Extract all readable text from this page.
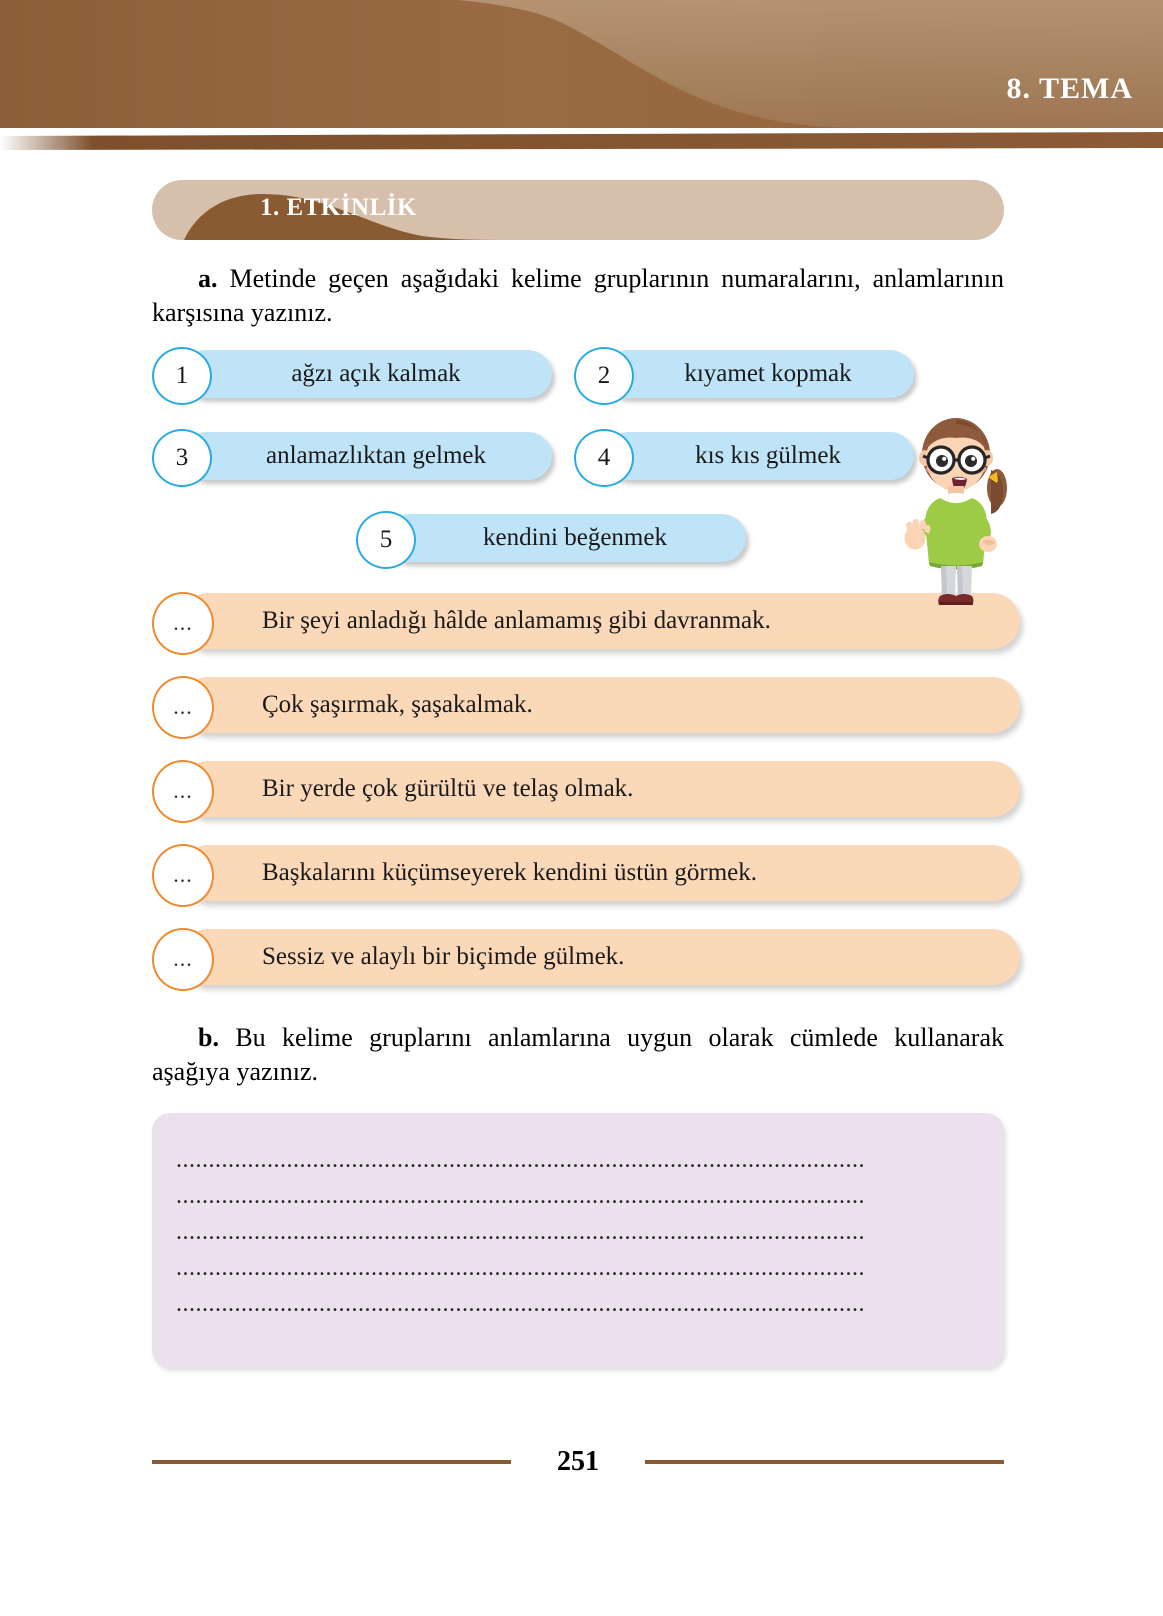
8. TEMA
1. ETKİNLİK
a. Metinde geçen aşağıdaki kelime gruplarının numaralarını, anlamlarının karşısına yazınız.
ağzı açık kalmak
1
	kıyamet kopmak
2
anlamazlıktan gelmek
3
	kıs kıs gülmek
4
kendini beğenmek
5
Bir şeyi anladığı hâlde anlamamış gibi davranmak.
...
Çok şaşırmak, şaşakalmak.
...
Bir yerde çok gürültü ve telaş olmak.
...
Başkalarını küçümseyerek kendini üstün görmek.
...
Sessiz ve alaylı bir biçimde gülmek.
...
b. Bu kelime gruplarını anlamlarına uygun olarak cümlede kullanarak aşağıya yazınız.
..........................................................................................................
..........................................................................................................
..........................................................................................................
..........................................................................................................
..........................................................................................................
251
